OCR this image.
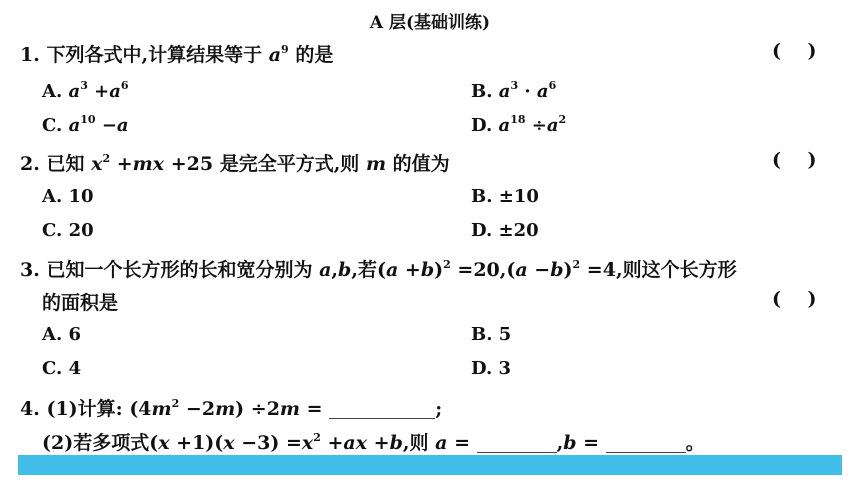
A 层(基础训练)
1. 下列各式中,计算结果等于 $a^9$ 的是	(    )
A. $a^3 +a^6$	B. $a^3 \cdot a^6$
C. $a^{10} -a$	D. $a^{18} \div a^2$
2. 已知 $x^2 +mx +25$ 是完全平方式,则 m 的值为	(    )
A. 10	B. ±10
C. 20	D. ±20
3. 已知一个长方形的长和宽分别为 a,b,若$(a +b)^2 =20,(a -b)^2 =4$,则这个长方形
的面积是	(    )
A. 6	B. 5
C. 4	D. 3
4. (1)计算: $(4m^2 -2m) \div 2m$ =	;
(2)若多项式$(x +1)(x -3) =x^2 +ax +b$,则 a =	,b =	。
